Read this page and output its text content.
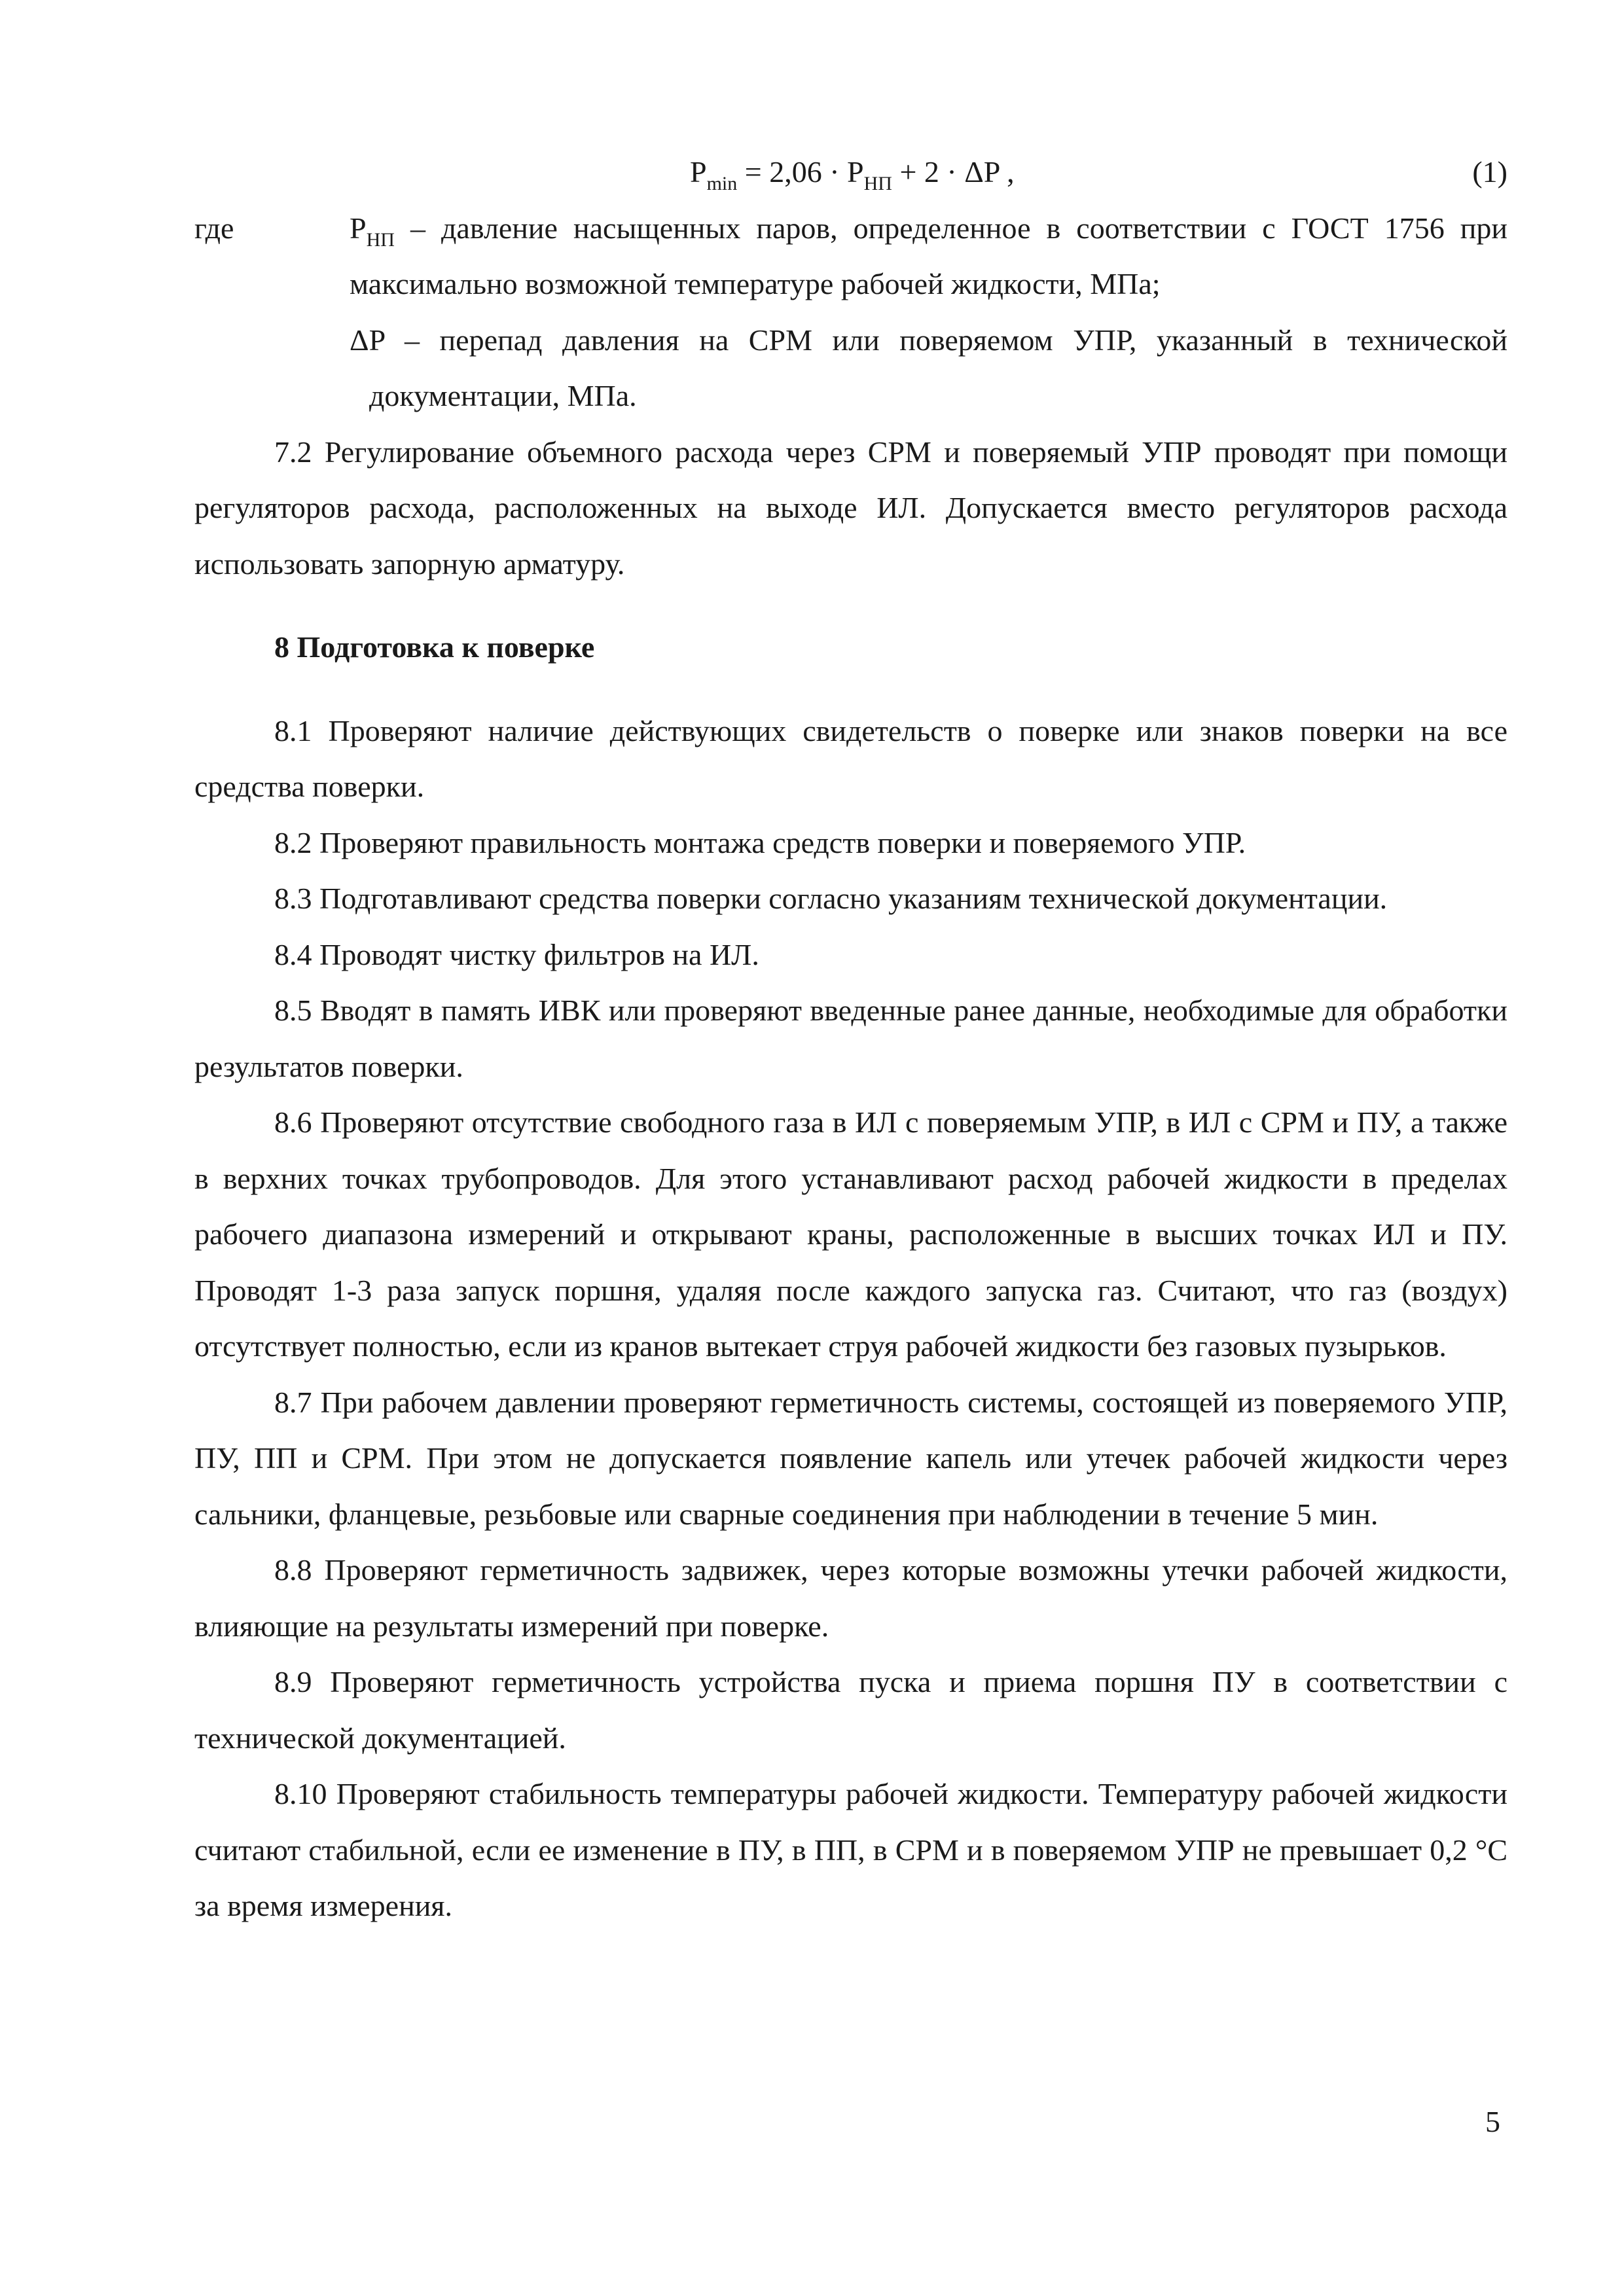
$P_{min} = 2,06 \cdot P_{НП} + 2 \cdot \Delta P$ ,	(1)
где	$P_{НП}$ – давление насыщенных паров, определенное в соответствии с ГОСТ 1756 при максимально возможной температуре рабочей жидкости, МПа;
ΔP – перепад давления на СРМ или поверяемом УПР, указанный в технической документации, МПа.

7.2 Регулирование объемного расхода через СРМ и поверяемый УПР проводят при помощи регуляторов расхода, расположенных на выходе ИЛ. Допускается вместо регуляторов расхода использовать запорную арматуру.

8 Подготовка к поверке

8.1 Проверяют наличие действующих свидетельств о поверке или знаков поверки на все средства поверки.

8.2 Проверяют правильность монтажа средств поверки и поверяемого УПР.

8.3 Подготавливают средства поверки согласно указаниям технической документации.

8.4 Проводят чистку фильтров на ИЛ.

8.5 Вводят в память ИВК или проверяют введенные ранее данные, необходимые для обработки результатов поверки.

8.6 Проверяют отсутствие свободного газа в ИЛ с поверяемым УПР, в ИЛ с СРМ и ПУ, а также в верхних точках трубопроводов. Для этого устанавливают расход рабочей жидкости в пределах рабочего диапазона измерений и открывают краны, расположенные в высших точках ИЛ и ПУ. Проводят 1-3 раза запуск поршня, удаляя после каждого запуска газ. Считают, что газ (воздух) отсутствует полностью, если из кранов вытекает струя рабочей жидкости без газовых пузырьков.

8.7 При рабочем давлении проверяют герметичность системы, состоящей из поверяемого УПР, ПУ, ПП и СРМ. При этом не допускается появление капель или утечек рабочей жидкости через сальники, фланцевые, резьбовые или сварные соединения при наблюдении в течение 5 мин.

8.8 Проверяют герметичность задвижек, через которые возможны утечки рабочей жидкости, влияющие на результаты измерений при поверке.

8.9 Проверяют герметичность устройства пуска и приема поршня ПУ в соответствии с технической документацией.

8.10 Проверяют стабильность температуры рабочей жидкости. Температуру рабочей жидкости считают стабильной, если ее изменение в ПУ, в ПП, в СРМ и в поверяемом УПР не превышает 0,2 °С за время измерения.

5
